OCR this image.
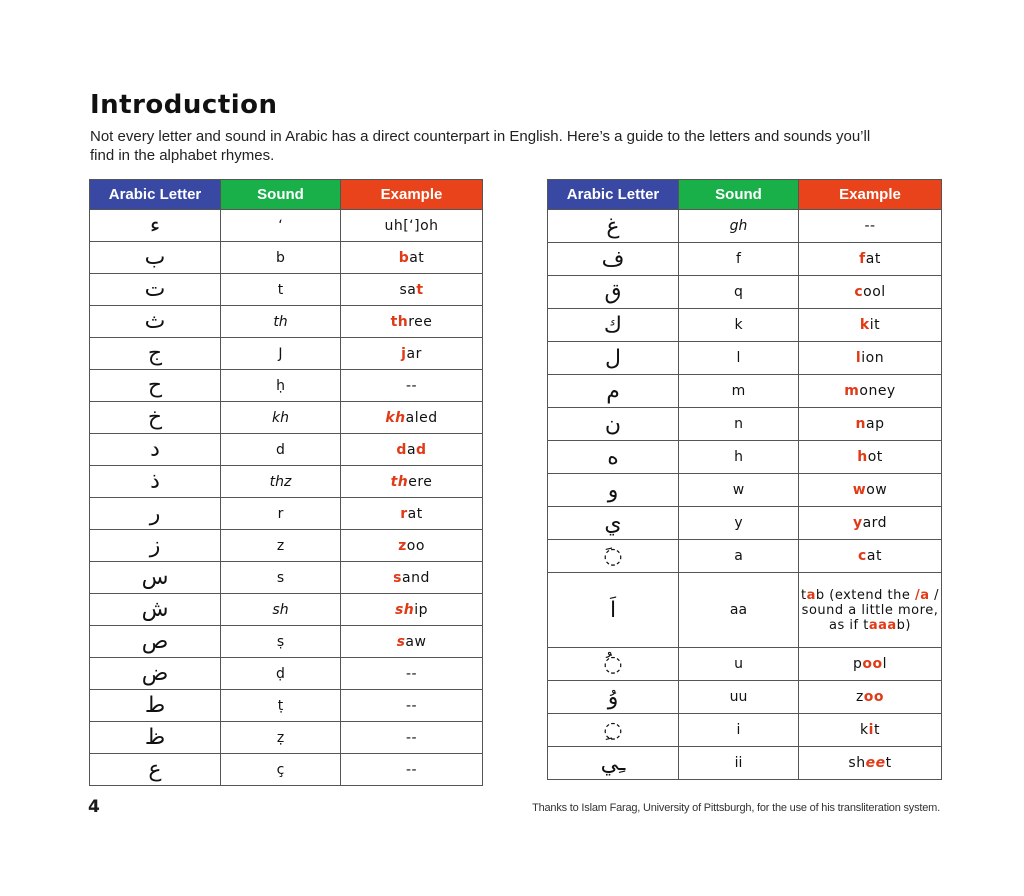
Introduction
Not every letter and sound in Arabic has a direct counterpart in English. Here’s a guide to the letters and sounds you’ll find in the alphabet rhymes.
Arabic Letter	Sound	Example
ء	‘	uh[‘]oh
ب	b	bat
ت	t	sat
ث	th	three
ج	J	jar
ح	ḥ	--
خ	kh	khaled
د	d	dad
ذ	thz	there
ر	r	rat
ز	z	zoo
س	s	sand
ش	sh	ship
ص	ṣ	saw
ض	ḍ	--
ط	ṭ	--
ظ	ẓ	--
ع	ç	--
Arabic Letter	Sound	Example
غ	gh	--
ف	f	fat
ق	q	cool
ك	k	kit
ل	l	lion
م	m	money
ن	n	nap
ه	h	hot
و	w	wow
ي	y	yard
◌َ	a	cat
اَ	aa	tab (extend the /a / sound a little more, as if taaab)
◌ُ	u	pool
وُ	uu	zoo
◌ِ	i	kit
ـِي	ii	sheet
4	Thanks to Islam Farag, University of Pittsburgh, for the use of his transliteration system.
